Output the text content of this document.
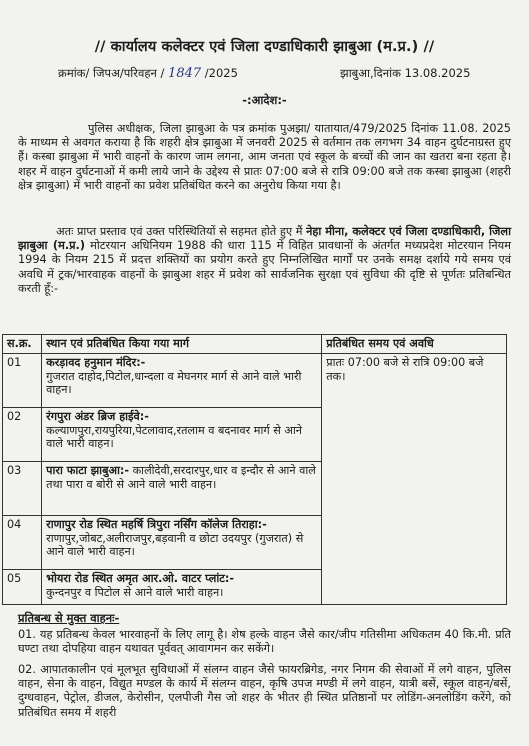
// कार्यालय कलेक्टर एवं जिला दण्डाधिकारी झाबुआ (म.प्र.) //
क्रमांक/ जिपअ/परिवहन / 1847 /2025	झाबुआ,दिनांक 13.08.2025
-:आदेश:-
पुलिस अधीक्षक, जिला झाबुआ के पत्र क्रमांक पुअझा/ यातायात/479/2025 दिनांक 11.08. 2025 के माध्यम से अवगत कराया है कि शहरी क्षेत्र झाबुआ में जनवरी 2025 से वर्तमान तक लगभग 34 वाहन दुर्घटनाग्रस्त हुए हैं। कस्बा झाबुआ में भारी वाहनों के कारण जाम लगना, आम जनता एवं स्कूल के बच्चों की जान का खतरा बना रहता है। शहर में वाहन दुर्घटनाओं में कमी लाये जाने के उद्देश्य से प्रातः 07:00 बजे से रात्रि 09:00 बजे तक कस्बा झाबुआ (शहरी क्षेत्र झाबुआ) में भारी वाहनों का प्रवेश प्रतिबंधित करने का अनुरोध किया गया है।
अतः प्राप्त प्रस्ताव एवं उक्त परिस्थितियों से सहमत होते हुए मैं नेहा मीना, कलेक्टर एवं जिला दण्डाधिकारी, जिला झाबुआ (म.प्र.) मोटरयान अधिनियम 1988 की धारा 115 में विहित प्रावधानों के अंतर्गत मध्यप्रदेश मोटरयान नियम 1994 के नियम 215 में प्रदत्त शक्तियों का प्रयोग करते हुए निम्नलिखित मार्गों पर उनके समक्ष दर्शाये गये समय एवं अवधि में ट्रक/भारवाहक वाहनों के झाबुआ शहर में प्रवेश को सार्वजनिक सुरक्षा एवं सुविधा की दृष्टि से पूर्णतः प्रतिबन्धित करती हूँ:-
स.क्र.	स्थान एवं प्रतिबंधित किया गया मार्ग	प्रतिबंधित समय एवं अवधि
01	करड़ावद हनुमान मंदिर:-
गुजरात दाहोद,पिटोल,धान्दला व मेघनगर मार्ग से आने वाले भारी वाहन।	प्रातः 07:00 बजे से रात्रि 09:00 बजे तक।
02	रंगपुरा अंडर ब्रिज हाईवे:-
कल्याणपुरा,रायपुरिया,पेटलावाद,रतलाम व बदनावर मार्ग से आने वाले भारी वाहन।	
03	पारा फाटा झाबुआ:- कालीदेवी,सरदारपुर,धार व इन्दौर से आने वाले तथा पारा व बोरी से आने वाले भारी वाहन।	
04	राणापुर रोड स्थित महर्षि त्रिपुरा नर्सिंग कॉलेज तिराहा:- राणापुर,जोबट,अलीराजपुर,बड़वानी व छोटा उदयपुर (गुजरात) से आने वाले भारी वाहन।	
05	भोयरा रोड स्थित अमृत आर.ओ. वाटर प्लांट:-
कुन्दनपुर व पिटोल से आने वाले भारी वाहन।	
प्रतिबन्ध से मुक्त वाहनः-
01. यह प्रतिबन्ध केवल भारवाहनों के लिए लागू है। शेष हल्के वाहन जैसे कार/जीप गतिसीमा अधिकतम 40 कि.मी. प्रति घण्टा तथा दोपहिया वाहन यथावत पूर्ववत् आवागमन कर सकेंगे।
02. आपातकालीन एवं मूलभूत सुविधाओं में संलग्न वाहन जैसे फायरब्रिगेड, नगर निगम की सेवाओं में लगे वाहन, पुलिस वाहन, सेना के वाहन, विद्युत मण्डल के कार्य में संलग्न वाहन, कृषि उपज मण्डी में लगे वाहन, यात्री बसें, स्कूल वाहन/बसें, दुग्धवाहन, पेट्रोल, डीजल, केरोसीन, एलपीजी गैस जो शहर के भीतर ही स्थित प्रतिष्ठानों पर लोडिंग-अनलोडिंग करेंगे, को प्रतिबंधित समय में शहरी
